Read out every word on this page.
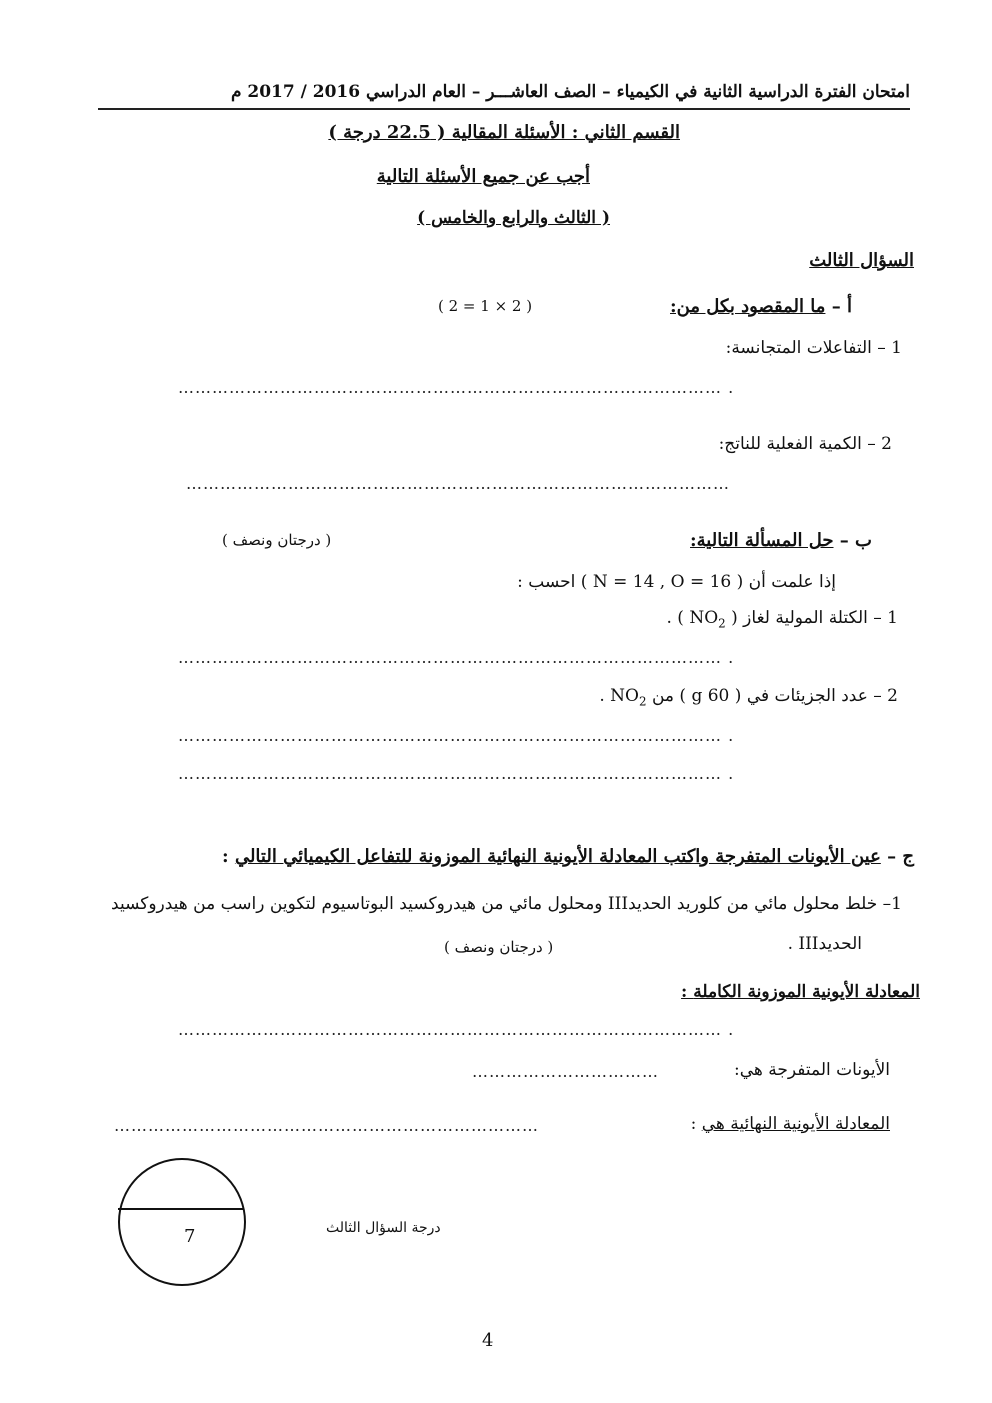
امتحان الفترة الدراسية الثانية في الكيمياء – الصف العاشـــر – العام الدراسي 2016 / 2017 م
القسم الثاني : الأسئلة المقالية ( 22.5 درجة )
أجب عن جميع الأسئلة التالية
( الثالث والرابع والخامس )
السؤال الثالث
أ – ما المقصود بكل من:
( 2 = 1 × 2 )
1 – التفاعلات المتجانسة:
…………………………………………………………………………………… .
2 – الكمية الفعلية للناتج:
……………………………………………………………………………………
ب – حل المسألة التالية:
( درجتان ونصف )
إذا علمت أن ( N = 14 , O = 16 ) احسب :
1 – الكتلة المولية لغاز ( $NO_2$ ) .
…………………………………………………………………………………… .
2 – عدد الجزيئات في ( 60 g ) من $NO_2$ .
…………………………………………………………………………………… .
…………………………………………………………………………………… .
ج – عين الأيونات المتفرجة واكتب المعادلة الأيونية النهائية الموزونة للتفاعل الكيميائي التالي :
1– خلط محلول مائي من كلوريد الحديدIII ومحلول مائي من هيدروكسيد البوتاسيوم لتكوين راسب من هيدروكسيد
الحديدIII .
( درجتان ونصف )
المعادلة الأيونية الموزونة الكاملة :
…………………………………………………………………………………… .
الأيونات المتفرجة هي:
……………………………
المعادلة الأيونية النهائية هي :
…………………………………………………………………
7	درجة السؤال الثالث
4
